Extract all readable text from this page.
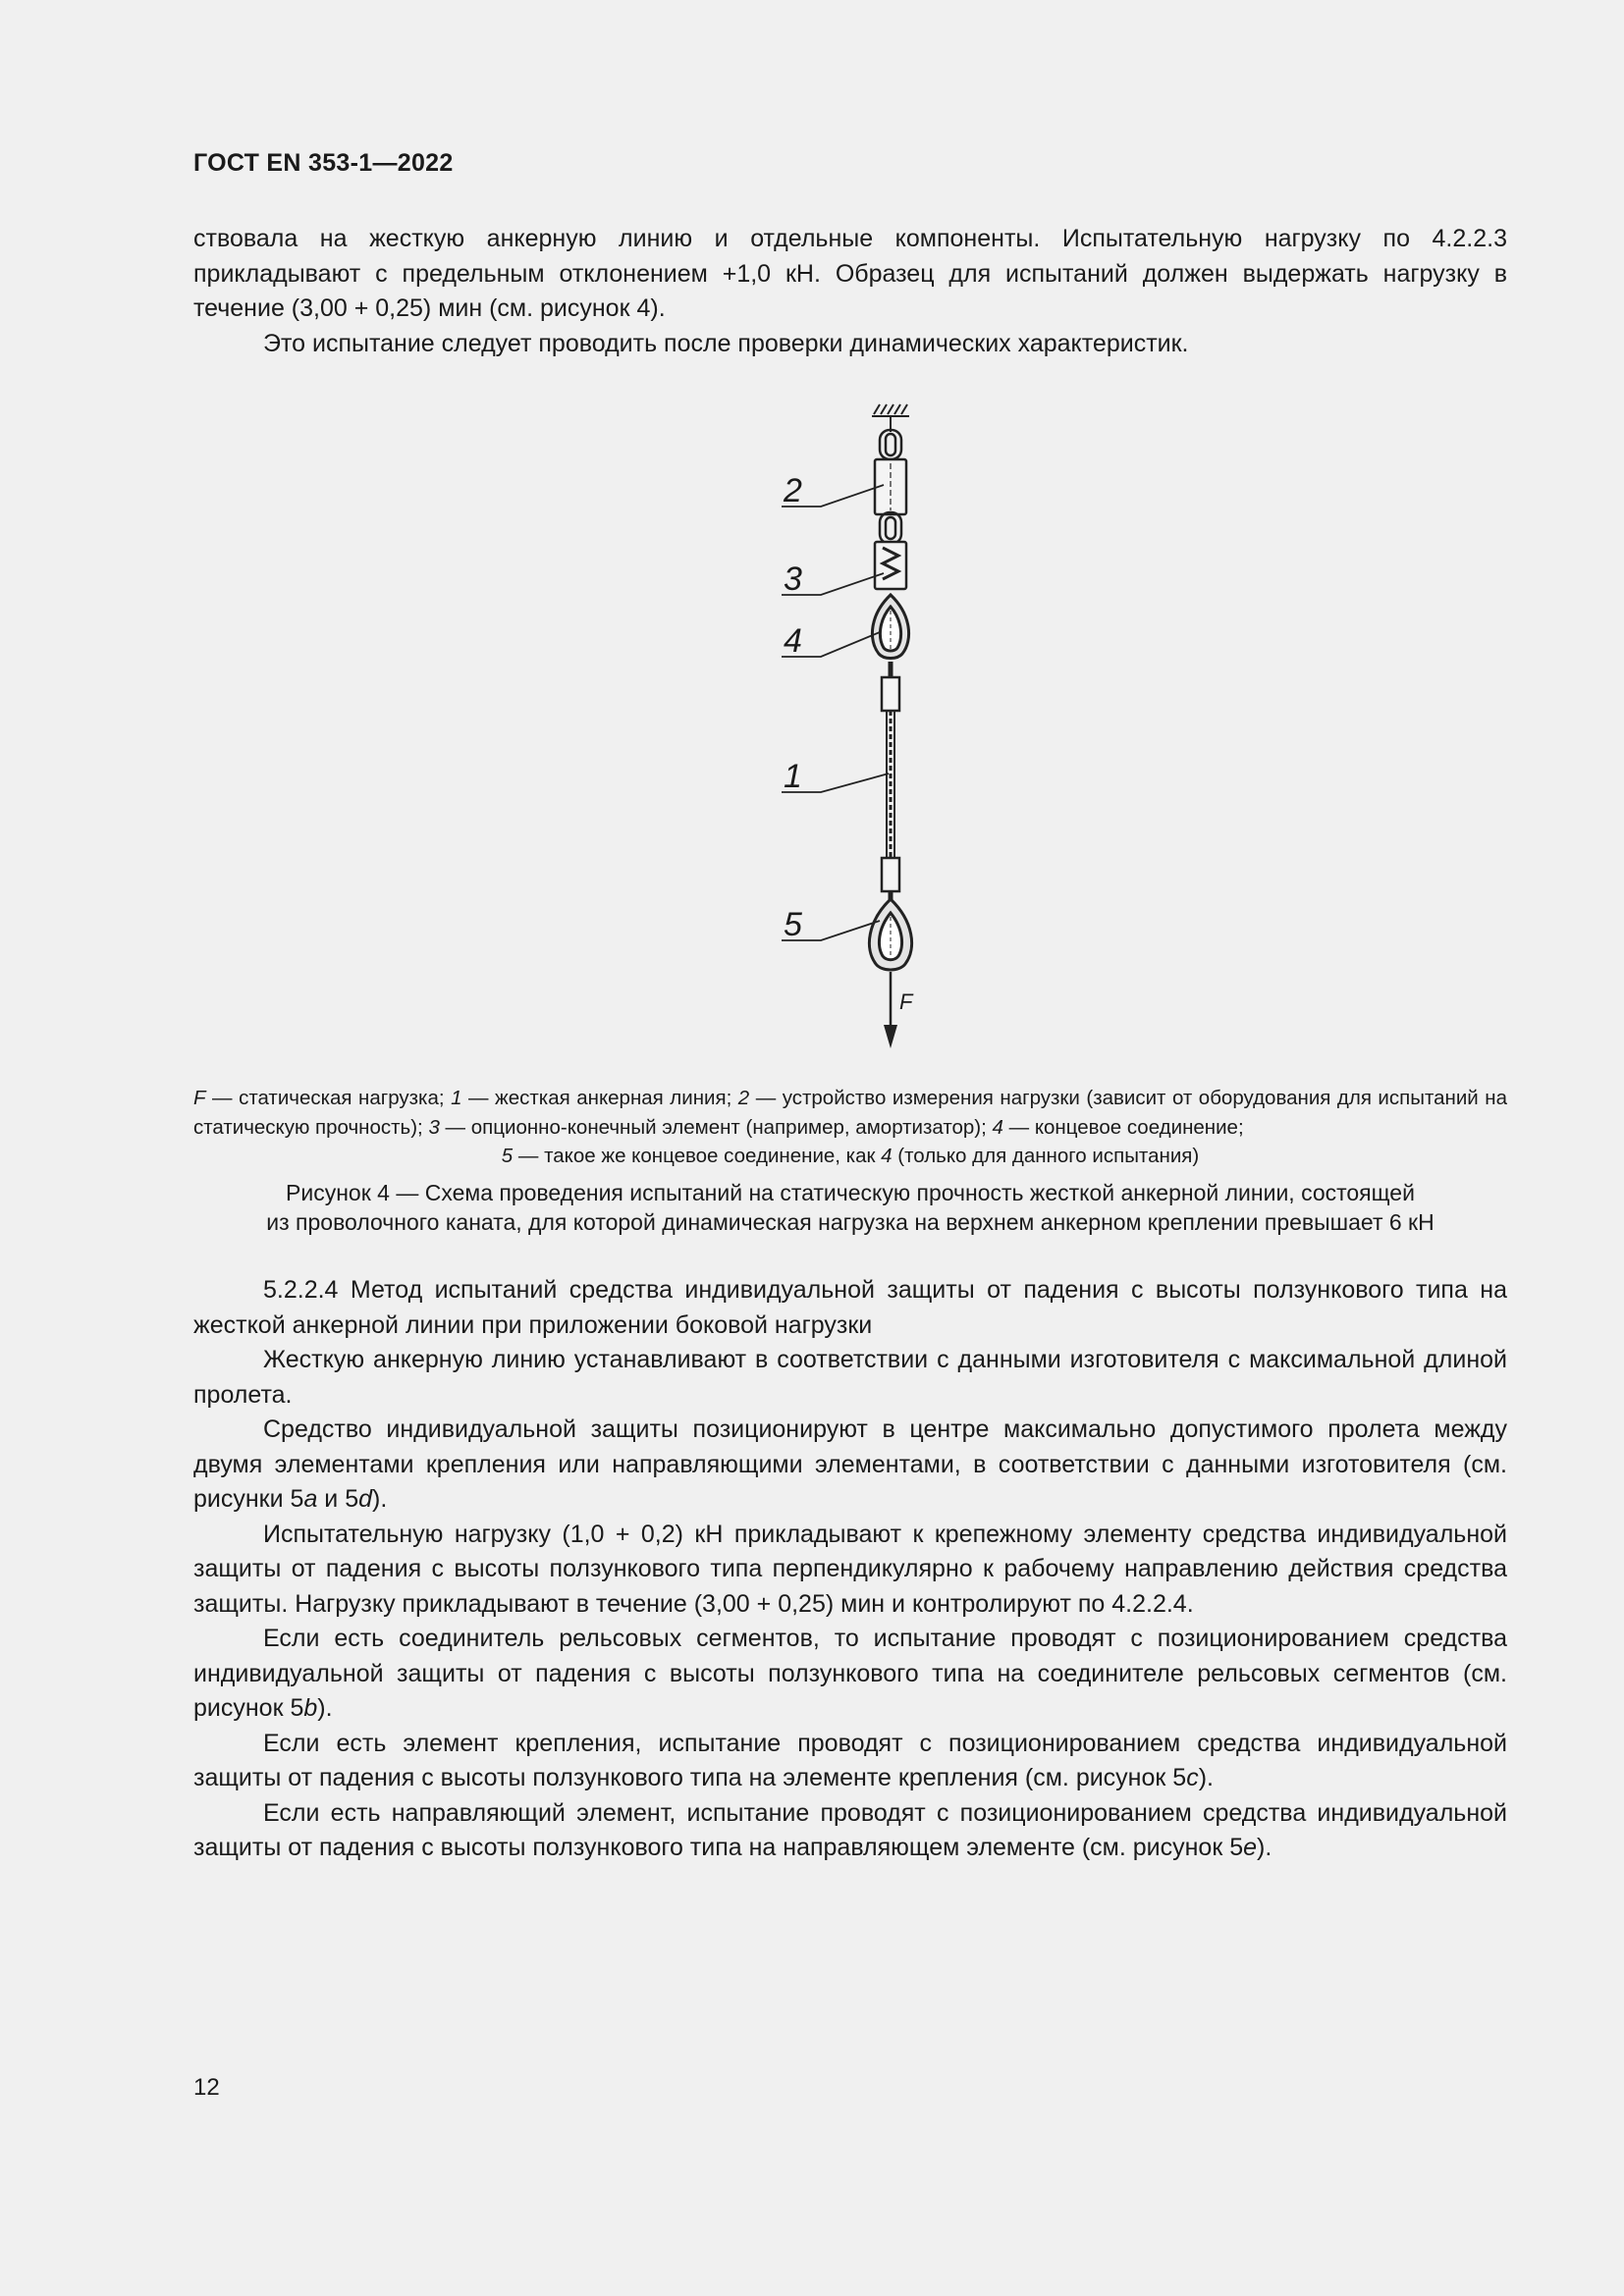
ГОСТ EN 353-1—2022

ствовала на жесткую анкерную линию и отдельные компоненты. Испытательную нагрузку по 4.2.2.3 прикладывают с предельным отклонением +1,0 кН. Образец для испытаний должен выдержать нагрузку в течение (3,00 + 0,25) мин (см. рисунок 4).

Это испытание следует проводить после проверки динамических характеристик.

F
2
3
4
1
5

F — статическая нагрузка; 1 — жесткая анкерная линия; 2 — устройство измерения нагрузки (зависит от оборудования для испытаний на статическую прочность); 3 — опционно-конечный элемент (например, амортизатор); 4 — концевое соединение;

5 — такое же концевое соединение, как 4 (только для данного испытания)

Рисунок 4 — Схема проведения испытаний на статическую прочность жесткой анкерной линии, состоящей

из проволочного каната, для которой динамическая нагрузка на верхнем анкерном креплении превышает 6 кН

5.2.2.4 Метод испытаний средства индивидуальной защиты от падения с высоты ползункового типа на жесткой анкерной линии при приложении боковой нагрузки

Жесткую анкерную линию устанавливают в соответствии с данными изготовителя с максимальной длиной пролета.

Средство индивидуальной защиты позиционируют в центре максимально допустимого пролета между двумя элементами крепления или направляющими элементами, в соответствии с данными изготовителя (см. рисунки 5a и 5d).

Испытательную нагрузку (1,0 + 0,2) кН прикладывают к крепежному элементу средства индивидуальной защиты от падения с высоты ползункового типа перпендикулярно к рабочему направлению действия средства защиты. Нагрузку прикладывают в течение (3,00 + 0,25) мин и контролируют по 4.2.2.4.

Если есть соединитель рельсовых сегментов, то испытание проводят с позиционированием средства индивидуальной защиты от падения с высоты ползункового типа на соединителе рельсовых сегментов (см. рисунок 5b).

Если есть элемент крепления, испытание проводят с позиционированием средства индивидуальной защиты от падения с высоты ползункового типа на элементе крепления (см. рисунок 5c).

Если есть направляющий элемент, испытание проводят с позиционированием средства индивидуальной защиты от падения с высоты ползункового типа на направляющем элементе (см. рисунок 5e).

12
